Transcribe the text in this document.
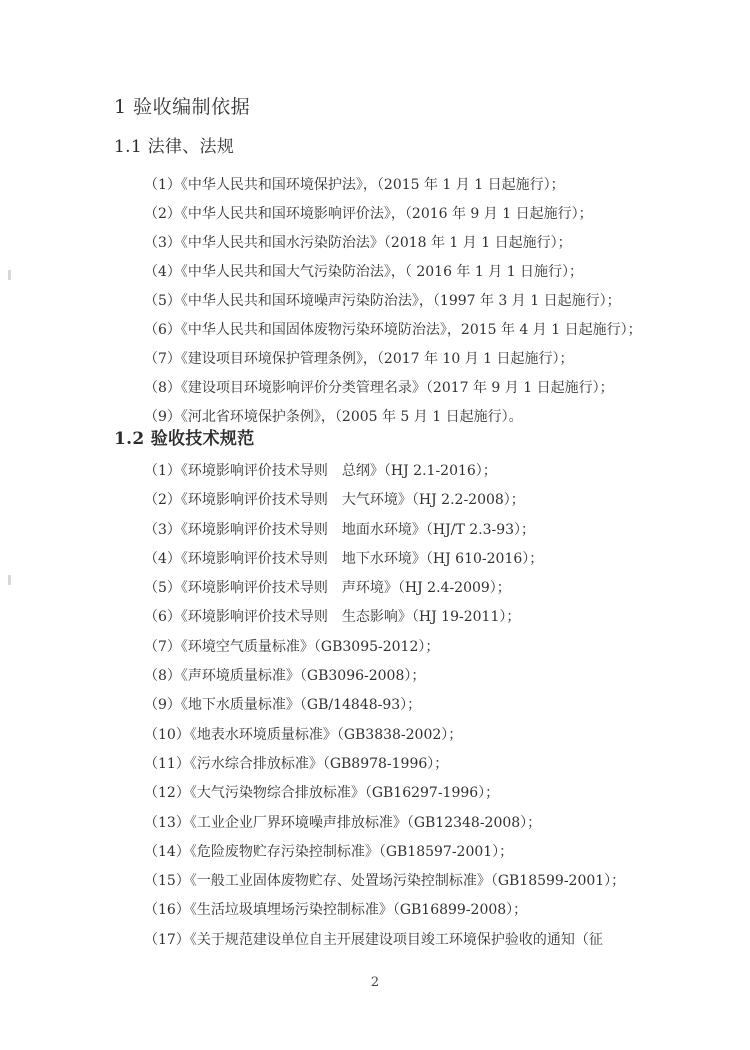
1 验收编制依据
1.1 法律、法规
（1）《中华人民共和国环境保护法》，（2015 年 1 月 1 日起施行）；
（2）《中华人民共和国环境影响评价法》，（2016 年 9 月 1 日起施行）；
（3）《中华人民共和国水污染防治法》（2018 年 1 月 1 日起施行）；
（4）《中华人民共和国大气污染防治法》，（ 2016 年 1 月 1 日施行）；
（5）《中华人民共和国环境噪声污染防治法》，（1997 年 3 月 1 日起施行）；
（6）《中华人民共和国固体废物污染环境防治法》，2015 年 4 月 1 日起施行）；
（7）《建设项目环境保护管理条例》，（2017 年 10 月 1 日起施行）；
（8）《建设项目环境影响评价分类管理名录》（2017 年 9 月 1 日起施行）；
（9）《河北省环境保护条例》，（2005 年 5 月 1 日起施行）。
1.2 验收技术规范
（1）《环境影响评价技术导则　总纲》（HJ 2.1-2016）；
（2）《环境影响评价技术导则　大气环境》（HJ 2.2-2008）；
（3）《环境影响评价技术导则　地面水环境》（HJ/T 2.3-93）；
（4）《环境影响评价技术导则　地下水环境》（HJ 610-2016）；
（5）《环境影响评价技术导则　声环境》（HJ 2.4-2009）；
（6）《环境影响评价技术导则　生态影响》（HJ 19-2011）；
（7）《环境空气质量标准》（GB3095-2012）；
（8）《声环境质量标准》（GB3096-2008）；
（9）《地下水质量标准》（GB/14848-93）；
（10）《地表水环境质量标准》（GB3838-2002）；
（11）《污水综合排放标准》（GB8978-1996）；
（12）《大气污染物综合排放标准》（GB16297-1996）；
（13）《工业企业厂界环境噪声排放标准》（GB12348-2008）；
（14）《危险废物贮存污染控制标准》（GB18597-2001）；
（15）《一般工业固体废物贮存、处置场污染控制标准》（GB18599-2001）；
（16）《生活垃圾填埋场污染控制标准》（GB16899-2008）；
（17）《关于规范建设单位自主开展建设项目竣工环境保护验收的通知（征
2
